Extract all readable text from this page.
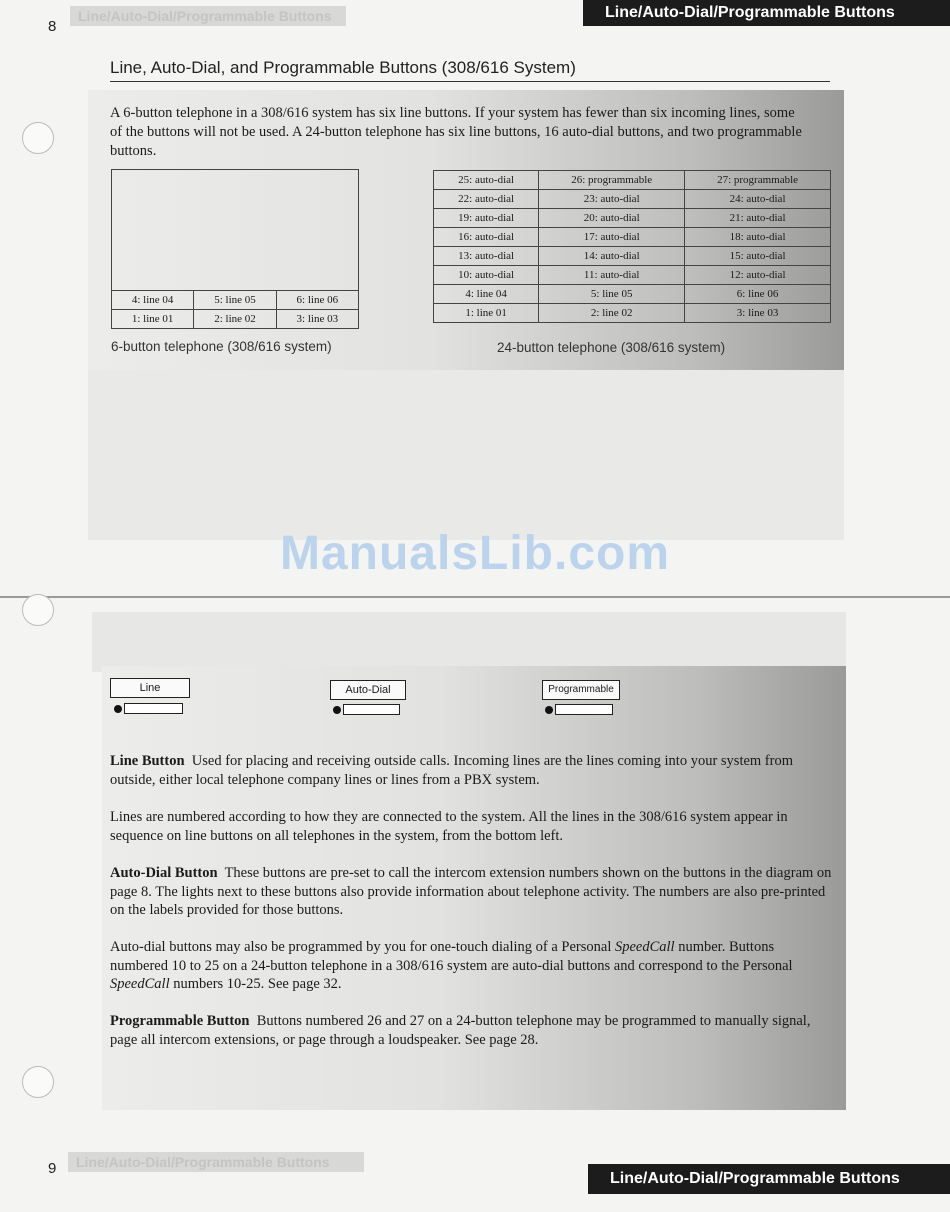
8
Line/Auto-Dial/Programmable Buttons	Line/Auto-Dial/Programmable Buttons
Line, Auto-Dial, and Programmable Buttons (308/616 System)
A 6-button telephone in a 308/616 system has six line buttons. If your system has fewer than six incoming lines, some of the buttons will not be used. A 24-button telephone has six line buttons, 16 auto-dial buttons, and two programmable buttons.

4: line 04	5: line 05	6: line 06
1: line 01	2: line 02	3: line 03
6-button telephone (308/616 system)
25: auto-dial	26: programmable	27: programmable
22: auto-dial	23: auto-dial	24: auto-dial
19: auto-dial	20: auto-dial	21: auto-dial
16: auto-dial	17: auto-dial	18: auto-dial
13: auto-dial	14: auto-dial	15: auto-dial
10: auto-dial	11: auto-dial	12: auto-dial
4: line 04	5: line 05	6: line 06
1: line 01	2: line 02	3: line 03
24-button telephone (308/616 system)
ManualsLib.com
Line	Auto-Dial	Programmable
Line Button Used for placing and receiving outside calls. Incoming lines are the lines coming into your system from outside, either local telephone company lines or lines from a PBX system.
Lines are numbered according to how they are connected to the system. All the lines in the 308/616 system appear in sequence on line buttons on all telephones in the system, from the bottom left.
Auto-Dial Button These buttons are pre-set to call the intercom extension numbers shown on the buttons in the diagram on page 8. The lights next to these buttons also provide information about telephone activity. The numbers are also pre-printed on the labels provided for those buttons.
Auto-dial buttons may also be programmed by you for one-touch dialing of a Personal SpeedCall number. Buttons numbered 10 to 25 on a 24-button telephone in a 308/616 system are auto-dial buttons and correspond to the Personal SpeedCall numbers 10-25. See page 32.
Programmable Button Buttons numbered 26 and 27 on a 24-button telephone may be programmed to manually signal, page all intercom extensions, or page through a loudspeaker. See page 28.
9	Line/Auto-Dial/Programmable Buttons
Line/Auto-Dial/Programmable Buttons
